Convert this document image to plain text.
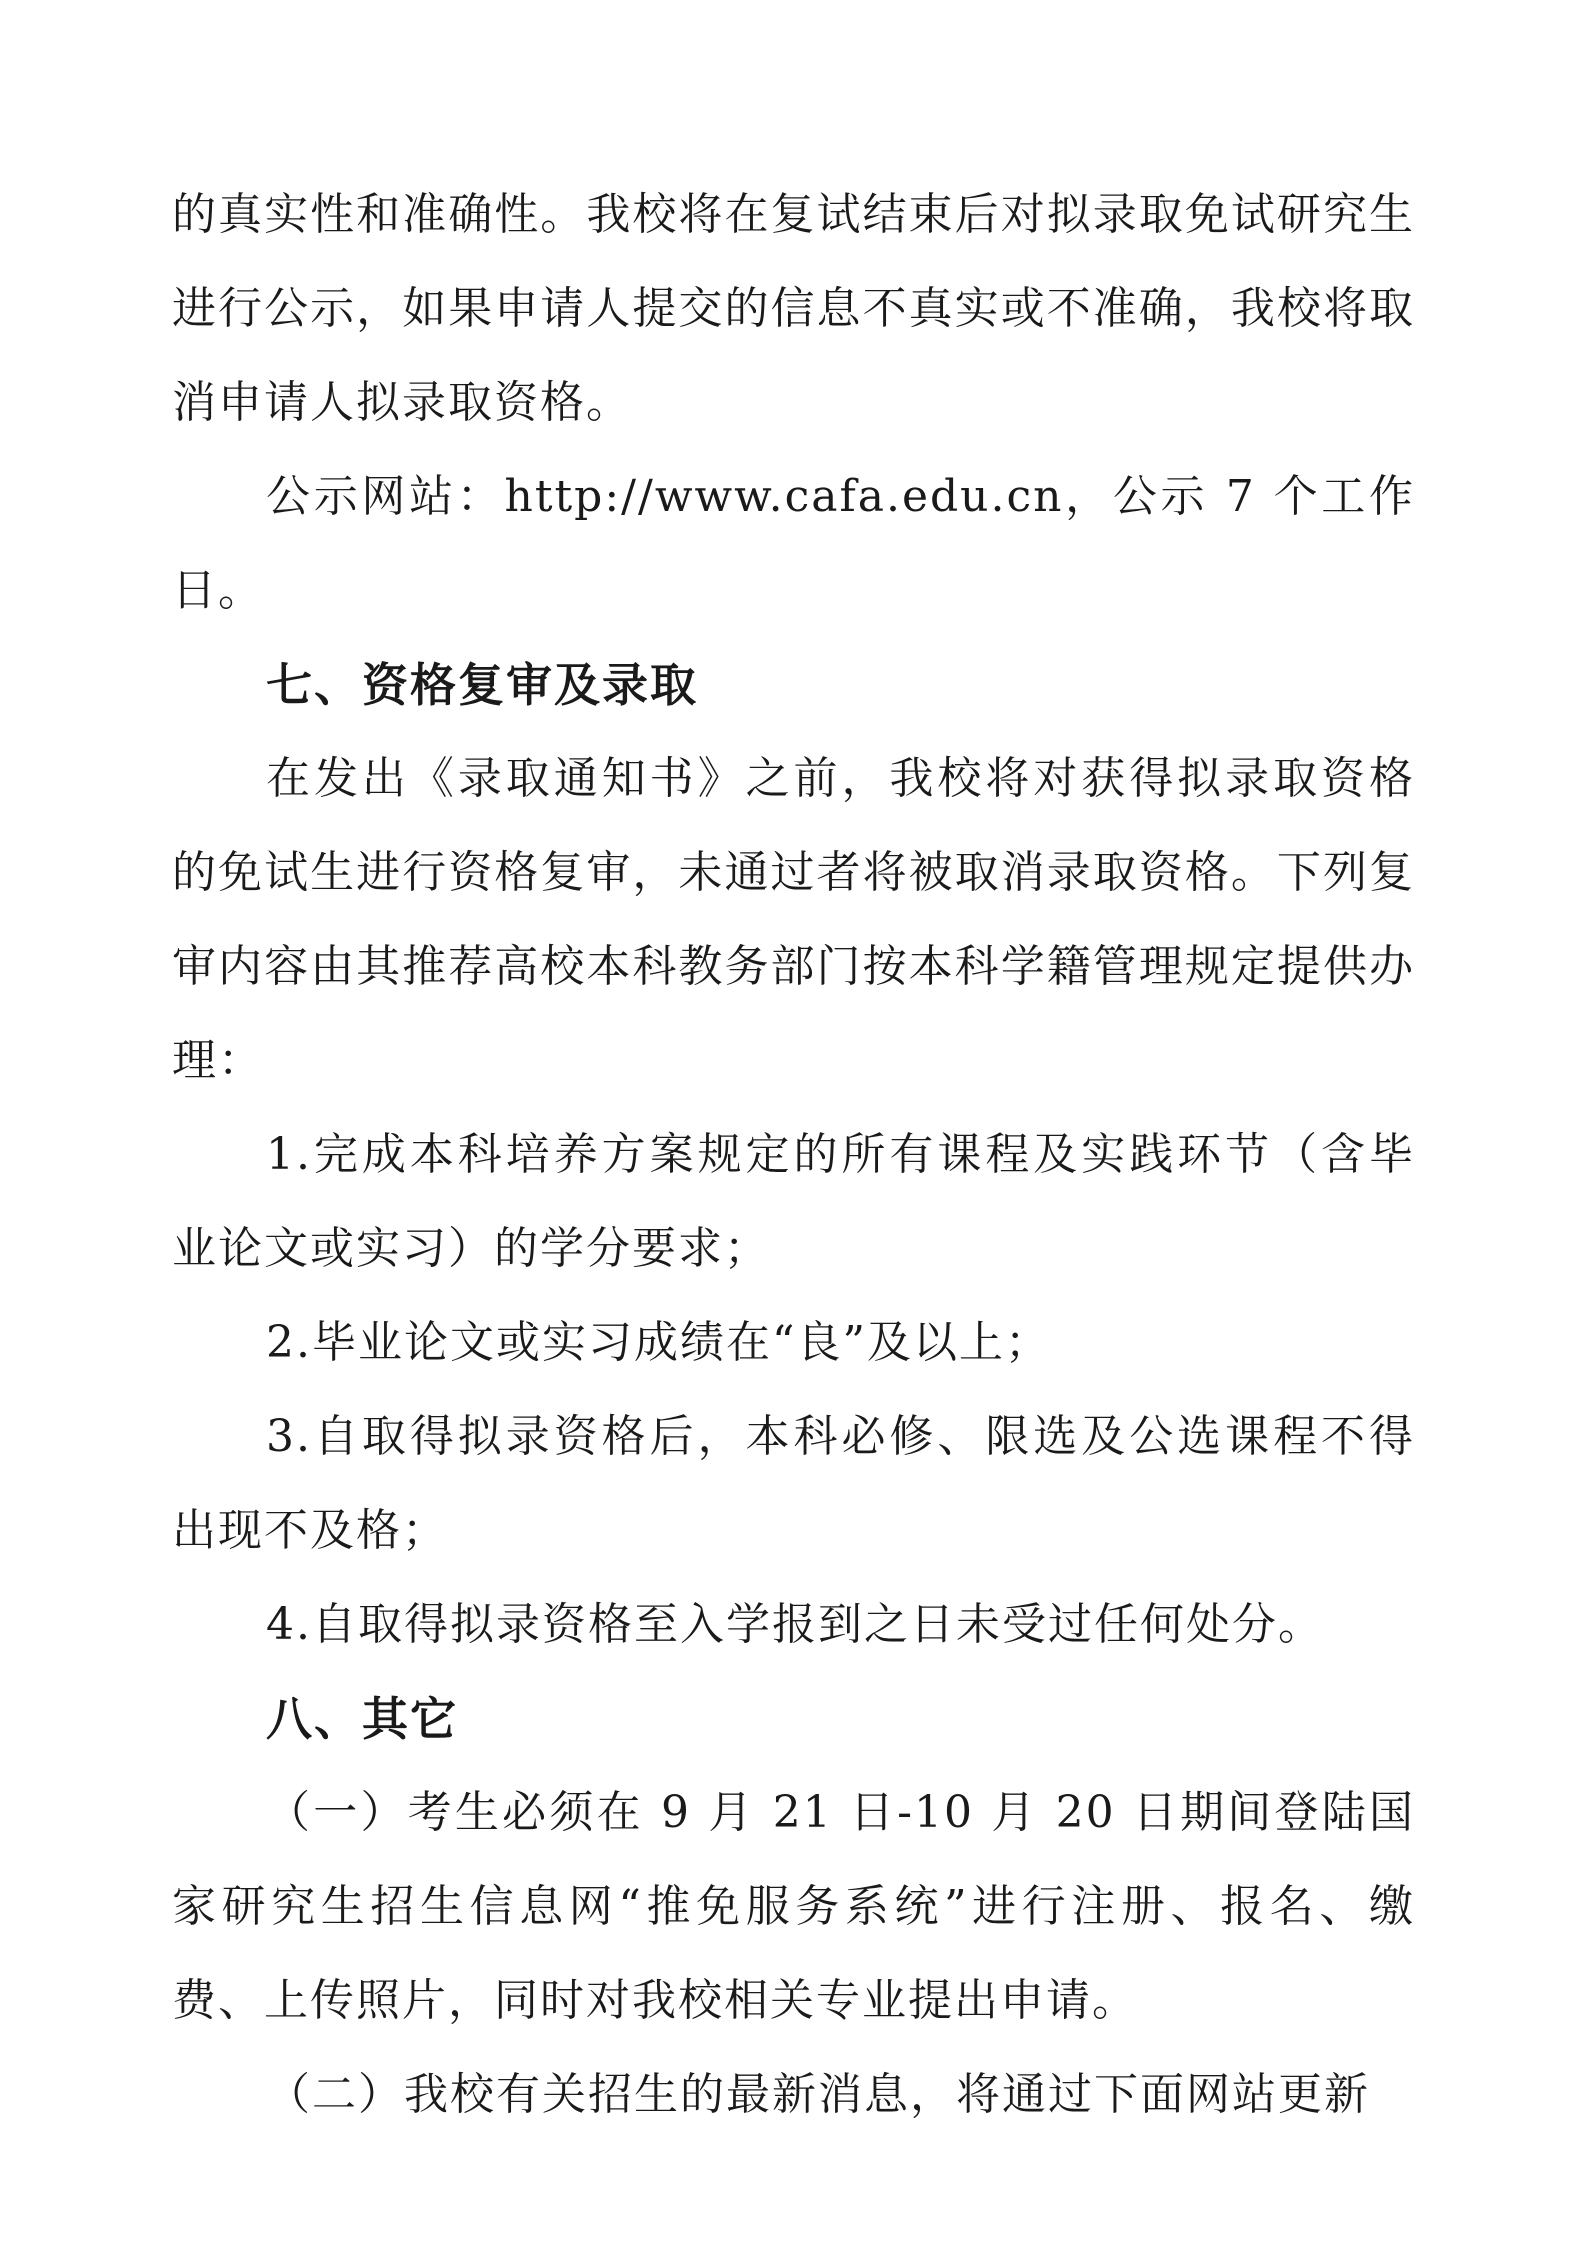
的真实性和准确性。我校将在复试结束后对拟录取免试研究生进行公示，如果申请人提交的信息不真实或不准确，我校将取消申请人拟录取资格。

公示网站：http://www.cafa.edu.cn，公示 7 个工作日。

七、资格复审及录取

在发出《录取通知书》之前，我校将对获得拟录取资格的免试生进行资格复审，未通过者将被取消录取资格。下列复审内容由其推荐高校本科教务部门按本科学籍管理规定提供办理：

1.完成本科培养方案规定的所有课程及实践环节（含毕业论文或实习）的学分要求；

2.毕业论文或实习成绩在“良”及以上；

3.自取得拟录资格后，本科必修、限选及公选课程不得出现不及格；

4.自取得拟录资格至入学报到之日未受过任何处分。

八、其它

（一）考生必须在 9 月 21 日-10 月 20 日期间登陆国家研究生招生信息网“推免服务系统”进行注册、报名、缴费、上传照片，同时对我校相关专业提出申请。

（二）我校有关招生的最新消息，将通过下面网站更新
